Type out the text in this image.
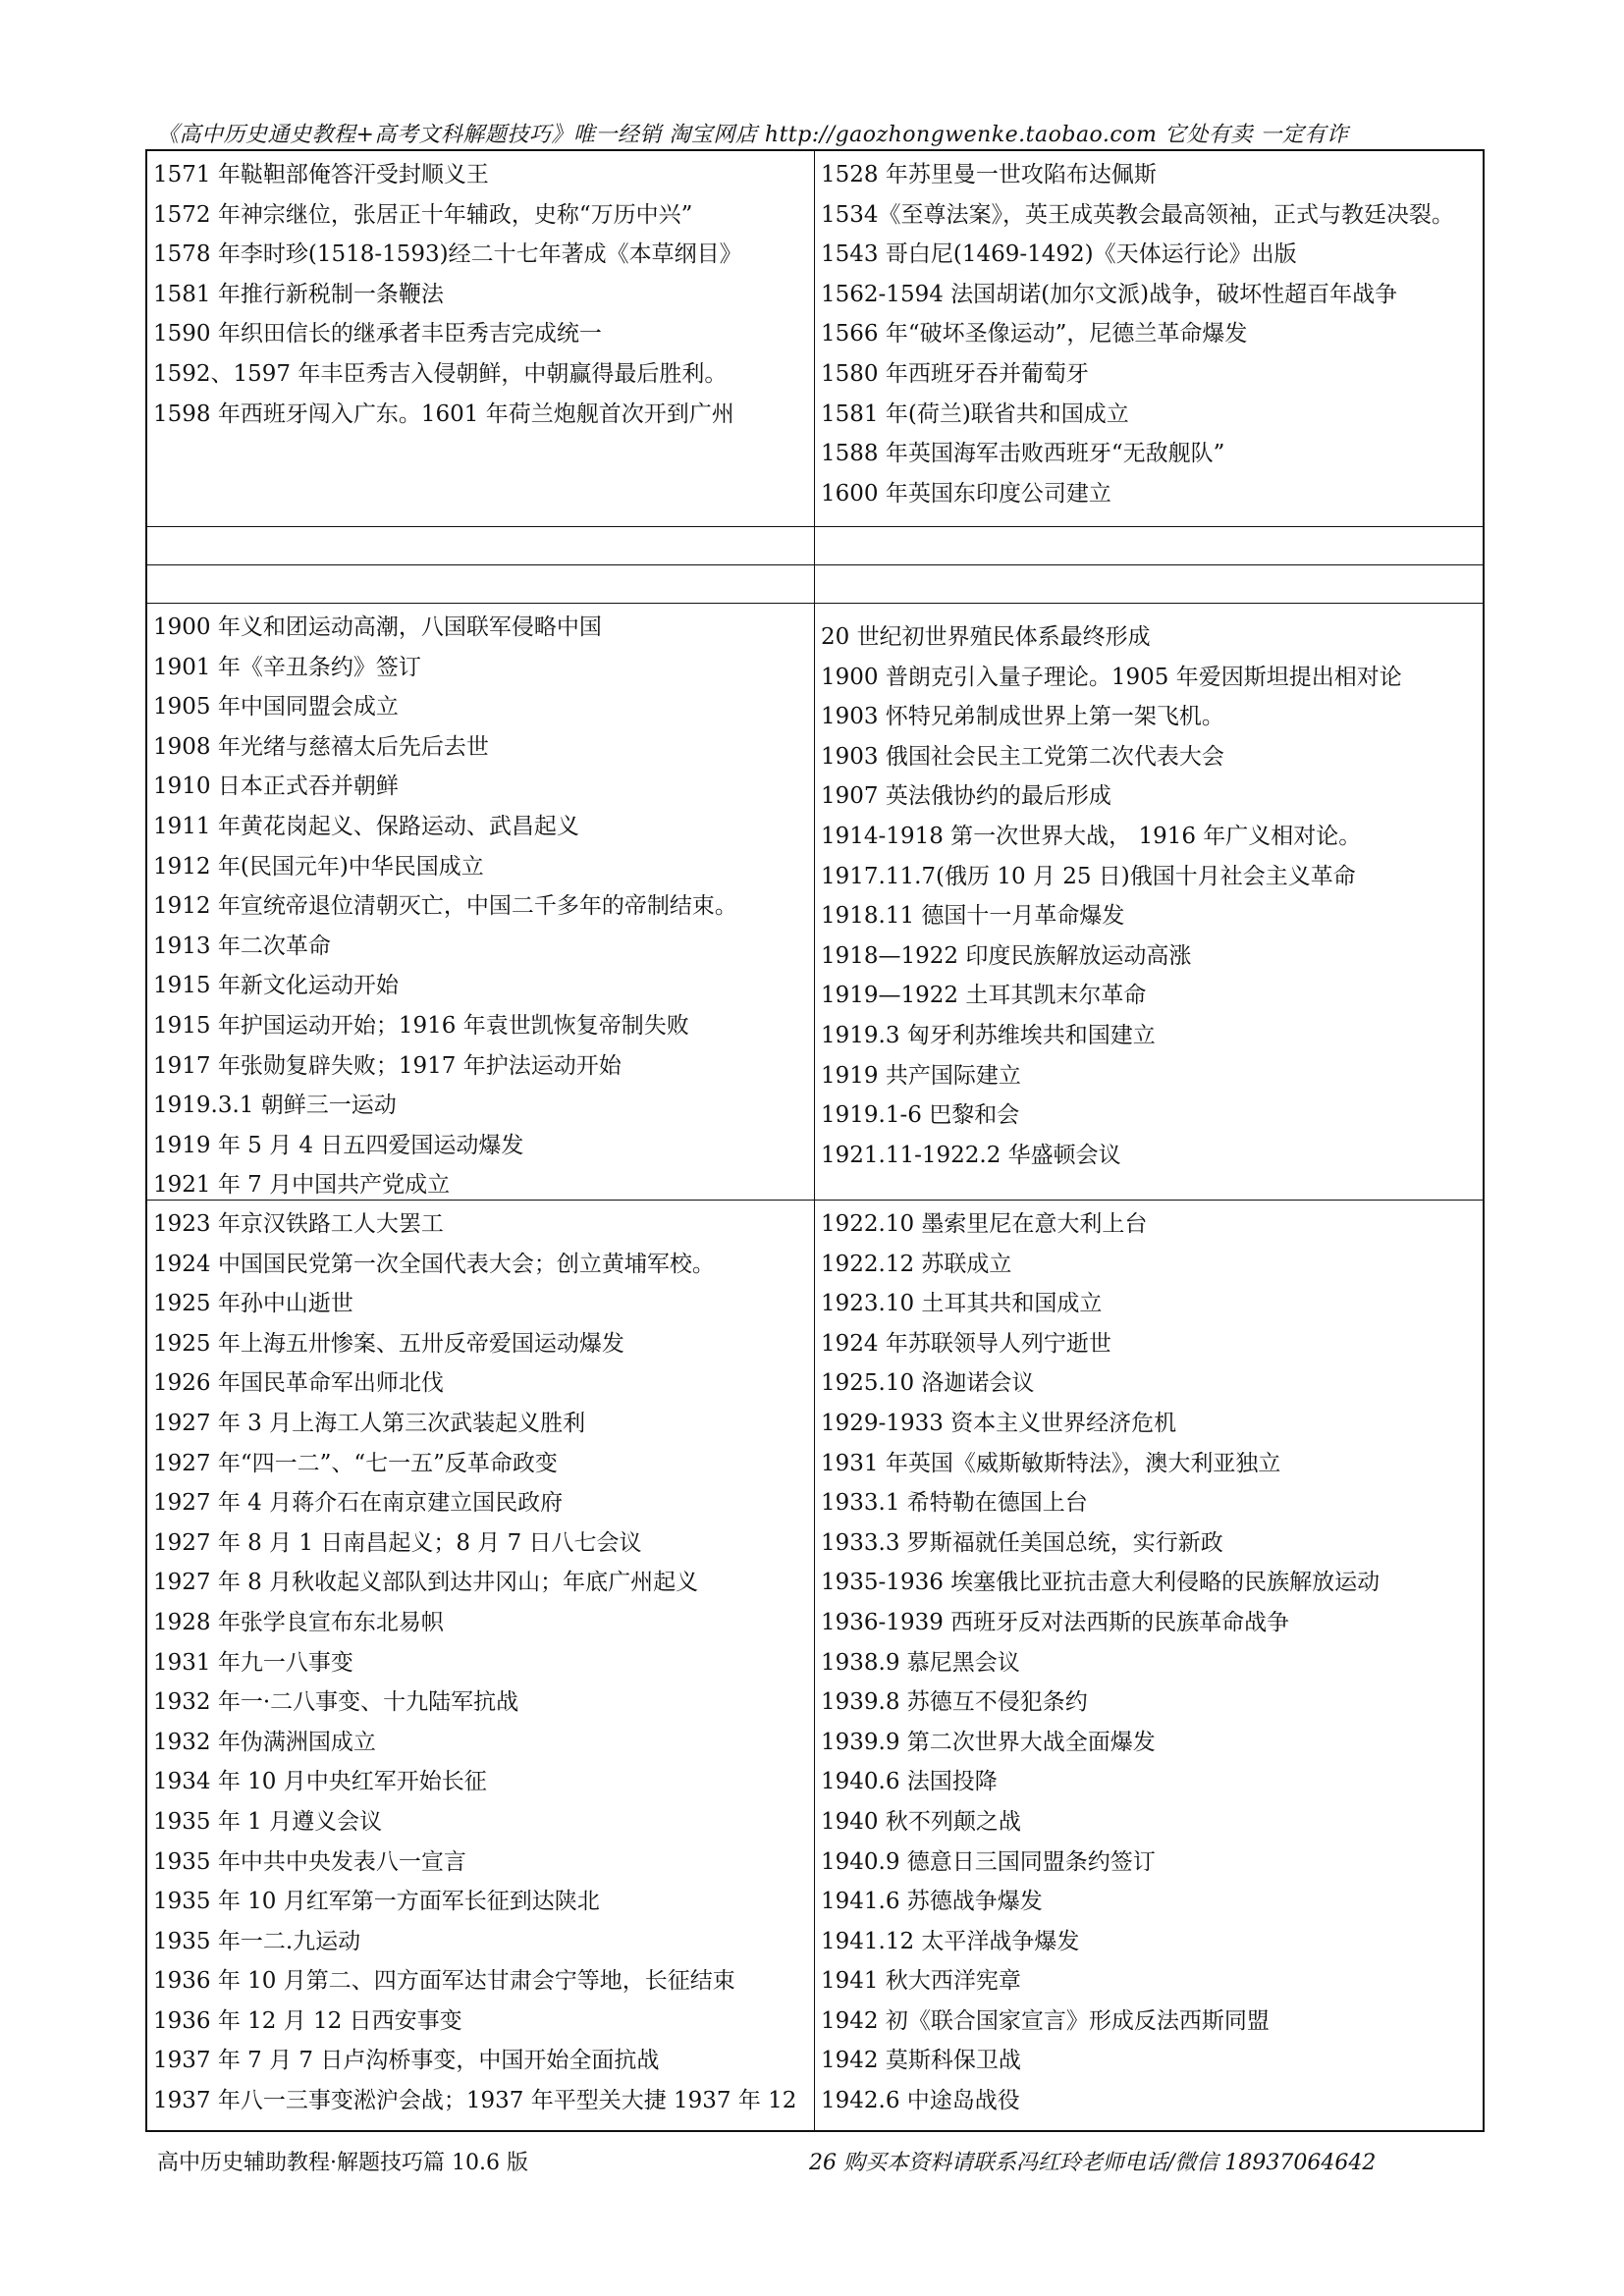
《高中历史通史教程+高考文科解题技巧》唯一经销 淘宝网店 http://gaozhongwenke.taobao.com 它处有卖 一定有诈
1571 年鞑靼部俺答汗受封顺义王
1572 年神宗继位，张居正十年辅政，史称“万历中兴”
1578 年李时珍(1518-1593)经二十七年著成《本草纲目》
1581 年推行新税制一条鞭法
1590 年织田信长的继承者丰臣秀吉完成统一
1592、1597 年丰臣秀吉入侵朝鲜，中朝赢得最后胜利。
1598 年西班牙闯入广东。1601 年荷兰炮舰首次开到广州
1528 年苏里曼一世攻陷布达佩斯
1534《至尊法案》，英王成英教会最高领袖，正式与教廷决裂。
1543 哥白尼(1469-1492)《天体运行论》出版
1562-1594 法国胡诺(加尔文派)战争，破坏性超百年战争
1566 年“破坏圣像运动”，尼德兰革命爆发
1580 年西班牙吞并葡萄牙
1581 年(荷兰)联省共和国成立
1588 年英国海军击败西班牙“无敌舰队”
1600 年英国东印度公司建立
1900 年义和团运动高潮，八国联军侵略中国
1901 年《辛丑条约》签订
1905 年中国同盟会成立
1908 年光绪与慈禧太后先后去世
1910 日本正式吞并朝鲜
1911 年黄花岗起义、保路运动、武昌起义
1912 年(民国元年)中华民国成立
1912 年宣统帝退位清朝灭亡，中国二千多年的帝制结束。
1913 年二次革命
1915 年新文化运动开始
1915 年护国运动开始；1916 年袁世凯恢复帝制失败
1917 年张勋复辟失败；1917 年护法运动开始
1919.3.1 朝鲜三一运动
1919 年 5 月 4 日五四爱国运动爆发
1921 年 7 月中国共产党成立
20 世纪初世界殖民体系最终形成
1900 普朗克引入量子理论。1905 年爱因斯坦提出相对论
1903 怀特兄弟制成世界上第一架飞机。
1903 俄国社会民主工党第二次代表大会
1907 英法俄协约的最后形成
1914-1918 第一次世界大战， 1916 年广义相对论。
1917.11.7(俄历 10 月 25 日)俄国十月社会主义革命
1918.11 德国十一月革命爆发
1918—1922 印度民族解放运动高涨
1919—1922 土耳其凯末尔革命
1919.3 匈牙利苏维埃共和国建立
1919 共产国际建立
1919.1-6 巴黎和会
1921.11-1922.2 华盛顿会议
1923 年京汉铁路工人大罢工
1924 中国国民党第一次全国代表大会；创立黄埔军校。
1925 年孙中山逝世
1925 年上海五卅惨案、五卅反帝爱国运动爆发
1926 年国民革命军出师北伐
1927 年 3 月上海工人第三次武装起义胜利
1927 年“四一二”、“七一五”反革命政变
1927 年 4 月蒋介石在南京建立国民政府
1927 年 8 月 1 日南昌起义；8 月 7 日八七会议
1927 年 8 月秋收起义部队到达井冈山；年底广州起义
1928 年张学良宣布东北易帜
1931 年九一八事变
1932 年一·二八事变、十九陆军抗战
1932 年伪满洲国成立
1934 年 10 月中央红军开始长征
1935 年 1 月遵义会议
1935 年中共中央发表八一宣言
1935 年 10 月红军第一方面军长征到达陕北
1935 年一二.九运动
1936 年 10 月第二、四方面军达甘肃会宁等地，长征结束
1936 年 12 月 12 日西安事变
1937 年 7 月 7 日卢沟桥事变，中国开始全面抗战
1937 年八一三事变淞沪会战；1937 年平型关大捷 1937 年 12
1922.10 墨索里尼在意大利上台
1922.12 苏联成立
1923.10 土耳其共和国成立
1924 年苏联领导人列宁逝世
1925.10 洛迦诺会议
1929-1933 资本主义世界经济危机
1931 年英国《威斯敏斯特法》，澳大利亚独立
1933.1 希特勒在德国上台
1933.3 罗斯福就任美国总统，实行新政
1935-1936 埃塞俄比亚抗击意大利侵略的民族解放运动
1936-1939 西班牙反对法西斯的民族革命战争
1938.9 慕尼黑会议
1939.8 苏德互不侵犯条约
1939.9 第二次世界大战全面爆发
1940.6 法国投降
1940 秋不列颠之战
1940.9 德意日三国同盟条约签订
1941.6 苏德战争爆发
1941.12 太平洋战争爆发
1941 秋大西洋宪章
1942 初《联合国家宣言》形成反法西斯同盟
1942 莫斯科保卫战
1942.6 中途岛战役
高中历史辅助教程·解题技巧篇 10.6 版	26 购买本资料请联系冯红玲老师电话/微信 18937064642
